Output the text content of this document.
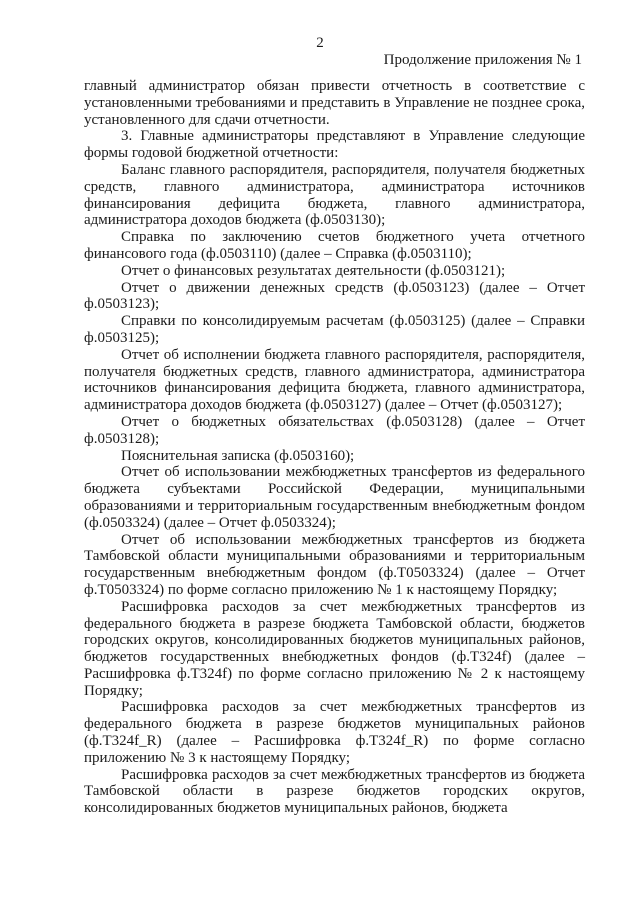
2
Продолжение приложения № 1

главный администратор обязан привести отчетность в соответствие с установленными требованиями и представить в Управление не позднее срока, установленного для сдачи отчетности.

3. Главные администраторы представляют в Управление следующие формы годовой бюджетной отчетности:

Баланс главного распорядителя, распорядителя, получателя бюджетных средств, главного администратора, администратора источников финансирования дефицита бюджета, главного администратора, администратора доходов бюджета (ф.0503130);

Справка по заключению счетов бюджетного учета отчетного финансового года (ф.0503110) (далее – Справка (ф.0503110);

Отчет о финансовых результатах деятельности (ф.0503121);

Отчет о движении денежных средств (ф.0503123) (далее – Отчет ф.0503123);

Справки по консолидируемым расчетам (ф.0503125) (далее – Справки ф.0503125);

Отчет об исполнении бюджета главного распорядителя, распорядителя, получателя бюджетных средств, главного администратора, администратора источников финансирования дефицита бюджета, главного администратора, администратора доходов бюджета (ф.0503127) (далее – Отчет (ф.0503127);

Отчет о бюджетных обязательствах (ф.0503128) (далее – Отчет ф.0503128);

Пояснительная записка (ф.0503160);

Отчет об использовании межбюджетных трансфертов из федерального бюджета субъектами Российской Федерации, муниципальными образованиями и территориальным государственным внебюджетным фондом (ф.0503324) (далее – Отчет ф.0503324);

Отчет об использовании межбюджетных трансфертов из бюджета Тамбовской области муниципальными образованиями и территориальным государственным внебюджетным фондом (ф.Т0503324) (далее – Отчет ф.Т0503324) по форме согласно приложению № 1 к настоящему Порядку;

Расшифровка расходов за счет межбюджетных трансфертов из федерального бюджета в разрезе бюджета Тамбовской области, бюджетов городских округов, консолидированных бюджетов муниципальных районов, бюджетов государственных внебюджетных фондов (ф.Т324f) (далее – Расшифровка ф.Т324f) по форме согласно приложению № 2 к настоящему Порядку;

Расшифровка расходов за счет межбюджетных трансфертов из федерального бюджета в разрезе бюджетов муниципальных районов (ф.Т324f_R) (далее – Расшифровка ф.Т324f_R) по форме согласно приложению № 3 к настоящему Порядку;

Расшифровка расходов за счет межбюджетных трансфертов из бюджета Тамбовской области в разрезе бюджетов городских округов, консолидированных бюджетов муниципальных районов, бюджета
